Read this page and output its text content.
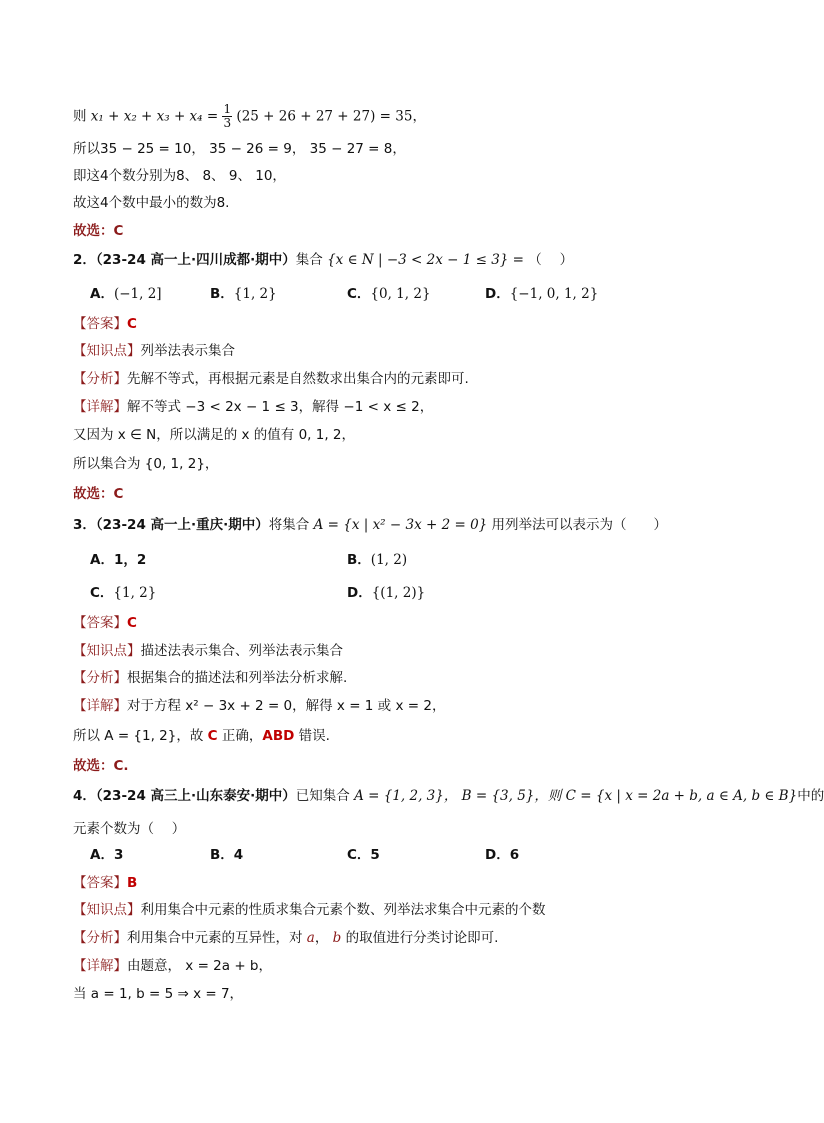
则 $x_1 + x_2 + x_3 + x_4 = \frac{1}{3} (25 + 26 + 27 + 27) = 35$，
所以35 − 25 = 10， 35 − 26 = 9， 35 − 27 = 8，
即这4个数分别为8、 8、 9、 10，
故这4个数中最小的数为8.
故选：C
2．（23-24 高一上·四川成都·期中）集合 {x ∈ N | −3 < 2x − 1 ≤ 3} = （　 ）
A．(−1, 2]	B．{1, 2}	C．{0, 1, 2}	D．{−1, 0, 1, 2}
【答案】C
【知识点】列举法表示集合
【分析】先解不等式，再根据元素是自然数求出集合内的元素即可.
【详解】解不等式 −3 < 2x − 1 ≤ 3，解得 −1 < x ≤ 2，
又因为 x ∈ N，所以满足的 x 的值有 0, 1, 2，
所以集合为 {0, 1, 2}，
故选：C
3．（23-24 高一上·重庆·期中）将集合 A = {x | x² − 3x + 2 = 0} 用列举法可以表示为（　　）
A．1，2	B．(1, 2)
C．{1, 2}	D．{(1, 2)}
【答案】C
【知识点】描述法表示集合、列举法表示集合
【分析】根据集合的描述法和列举法分析求解.
【详解】对于方程 x² − 3x + 2 = 0，解得 x = 1 或 x = 2，
所以 A = {1, 2}，故 C 正确，ABD 错误.
故选：C.
4．（23-24 高三上·山东泰安·期中）已知集合 A = {1, 2, 3}， B = {3, 5}，则 C = {x | x = 2a + b, a ∈ A, b ∈ B}中的
元素个数为（　 ）
A．3	B．4	C．5	D．6
【答案】B
【知识点】利用集合中元素的性质求集合元素个数、列举法求集合中元素的个数
【分析】利用集合中元素的互异性，对 a， b 的取值进行分类讨论即可.
【详解】由题意， x = 2a + b，
当 a = 1, b = 5 ⇒ x = 7，
